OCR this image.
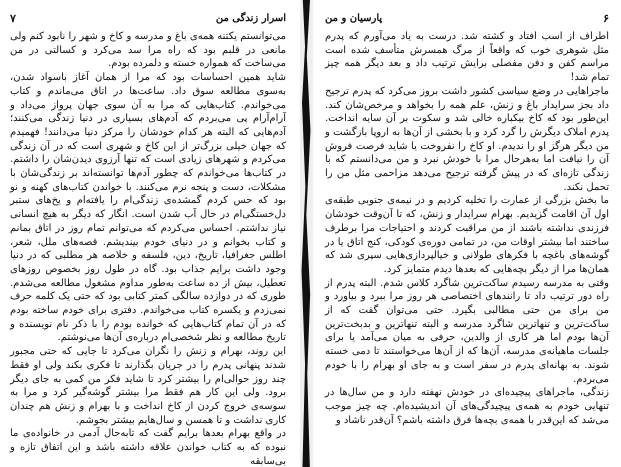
۷	اسرار زندگی من

می‌توانستم یکتنه همه‌ی باغ و مدرسه و کاخ و شهر را نابود کنم ولی مانعی در قلبم بود که راه مرا سد می‌کرد و کسالتی در من می‌ساخت که همواره خسته و دلمرده بودم.

شاید همین احساسات بود که مرا از همان آغاز باسواد شدن، به‌سوی مطالعه سوق داد. ساعت‌ها در اتاق می‌ماندم و کتاب می‌خواندم. کتاب‌هایی که مرا به آن سوی جهان پرواز می‌داد و آرام‌آرام پی می‌بردم که آدم‌های بسیاری در دنیا زندگی می‌کنند؛ آدم‌هایی که البته هر کدام خودشان را مرکز دنیا می‌دانند! فهمیدم که جهان خیلی بزرگ‌تر از این کاخ و شهری است که در آن زندگی می‌کردم و شهرهای زیادی است که تنها آرزوی دیدن‌شان را داشتم. در کتاب‌ها می‌خواندم که چطور آدم‌ها توانسته‌اند بر زندگی‌شان با مشکلات، دست و پنجه نرم می‌کنند. با خواندن کتاب‌های کهنه و نو بود که حس کردم گمشده‌ی زندگی‌ام را یافته‌ام و یخ‌های ستبر دل‌خستگی‌ام در حال آب شدن است. انگار که دیگر به هیچ انسانی نیاز نداشتم. احساس می‌کردم که می‌توانم تمام روز در اتاق بمانم و کتاب بخوانم و در دنیای خودم بیندیشم. قصه‌های ملل، شعر، اطلس جغرافیا، تاریخ، دین، فلسفه و خلاصه هر مطلبی که در دنیا وجود داشت برایم جذاب بود. گاه در طول روز بخصوص روزهای تعطیل، بیش از ده ساعت به‌طور مداوم مشغول مطالعه می‌شدم. طوری که در دوازده سالگی کمتر کتابی بود که حتی یک کلمه حرف نمی‌زدم و یکسره کتاب می‌خواندم. دفتری برای خودم ساخته بودم که در آن تمام کتاب‌هایی که خوانده بودم را با ذکر نام نویسنده و تاریخ مطالعه و نظر شخصی‌ام درباره‌ی آن‌ها می‌نوشتم.

این روند، بهرام و زنش را نگران می‌کرد تا جایی که حتی مجبور شدند پنهانی پدرم را در جریان بگذارند تا فکری بکند ولی او فقط چند روز حوالی‌ام را بیشتر کرد تا شاید فکر من کمی به جای دیگر برود. ولی این کار هم فقط مرا بیشتر گوشه‌گیر کرد و مرا به سوسه‌ی خروج کردن از کاخ انداخت و با بهرام و زنش هم چندان کاری نداشت و تا همسن و سال‌هایم بیشتر بجوشم.

در واقع بهرام بعدها برایم گفت که تابه‌حال آدمی در خانواده‌ی ما نبوده که به کتاب خواندن علاقه داشته باشد و این اتفاق تازه و بی‌سابقه

پارسیان و من	۶

اطراف از اسب افتاد و کشته شد. درست به یاد می‌آورم که پدرم مثل شوهری خوب که واقعاً از مرگ همسرش متأسف شده است مراسم کفن و دفن مفصلی برایش ترتیب داد و بعد دیگر همه چیز تمام شد!

ماجراهایی در وضع سیاسی کشور داشت بروز می‌کرد که پدرم ترجیح داد بجز سرایدار باغ و زنش، علم همه را بخواهد و مرخص‌شان کند. این‌طور بود که کاخ بیکباره خالی شد و سکوت بر آن سایه انداخت. پدرم املاک دیگرش را گرد کرد و با بخشی از آن‌ها به اروپا بازگشت و من دیگر هرگز او را ندیدم. او کاخ را نفروخت یا شاید فرصت فروش آن را نیافت اما به‌هرحال مرا با خودش نبرد و من می‌دانستم که با زندگی تازه‌ای که در پیش گرفته ترجیح می‌دهد مزاحمی مثل من را تحمل نکند.

ما بخش بزرگی از عمارت را تخلیه کردیم و در نیمه‌ی جنوبی طبقه‌ی اول آن اقامت گزیدیم. بهرام سرایدار و زنش، که تا آن‌وقت خودشان فرزندی نداشته باشند از من مراقبت کردند و احتیاجات مرا برطرف ساختند اما بیشتر اوقات من، در تمامی دوره‌ی کودکی، کنج اتاق یا در گوشه‌های باغچه با فکرهای طولانی و خیالپردازی‌هایی سپری شد که همان‌ها مرا از دیگر بچه‌هایی که بعدها دیدم متمایز کرد.

وقتی به مدرسه رسیدم ساکت‌ترین شاگرد کلاس شدم. البته پدرم از راه دور ترتیب داد تا رانندهای اختصاصی هر روز مرا ببرد و بیاورد و من برای من حتی مطالبی بگیرد. حتی می‌توان گفت که از ساکت‌ترین و تنهاترین شاگرد مدرسه و البته تنهاترین و بدبخت‌ترین آن‌ها بودم اما هر کاری از والدین، حرفی به میان می‌آمد یا برای جلسات ماهیانه‌ی مدرسه، آن‌ها که از آن‌ها می‌خواستند تا دمی خسته شوند. به بهانه‌ای پدرم در سفر است و به جای او بهرام را با خودم می‌بردم.

زندگی، ماجراهای پیچیده‌ای در خودش نهفته دارد و من سال‌ها در تنهایی خودم به همه‌ی پیچیدگی‌های آن اندیشیده‌ام. چه چیز موجب می‌شد که این‌قدر با همه‌ی بچه‌ها فرق داشته باشم؟ آن‌قدر ناشاد و
